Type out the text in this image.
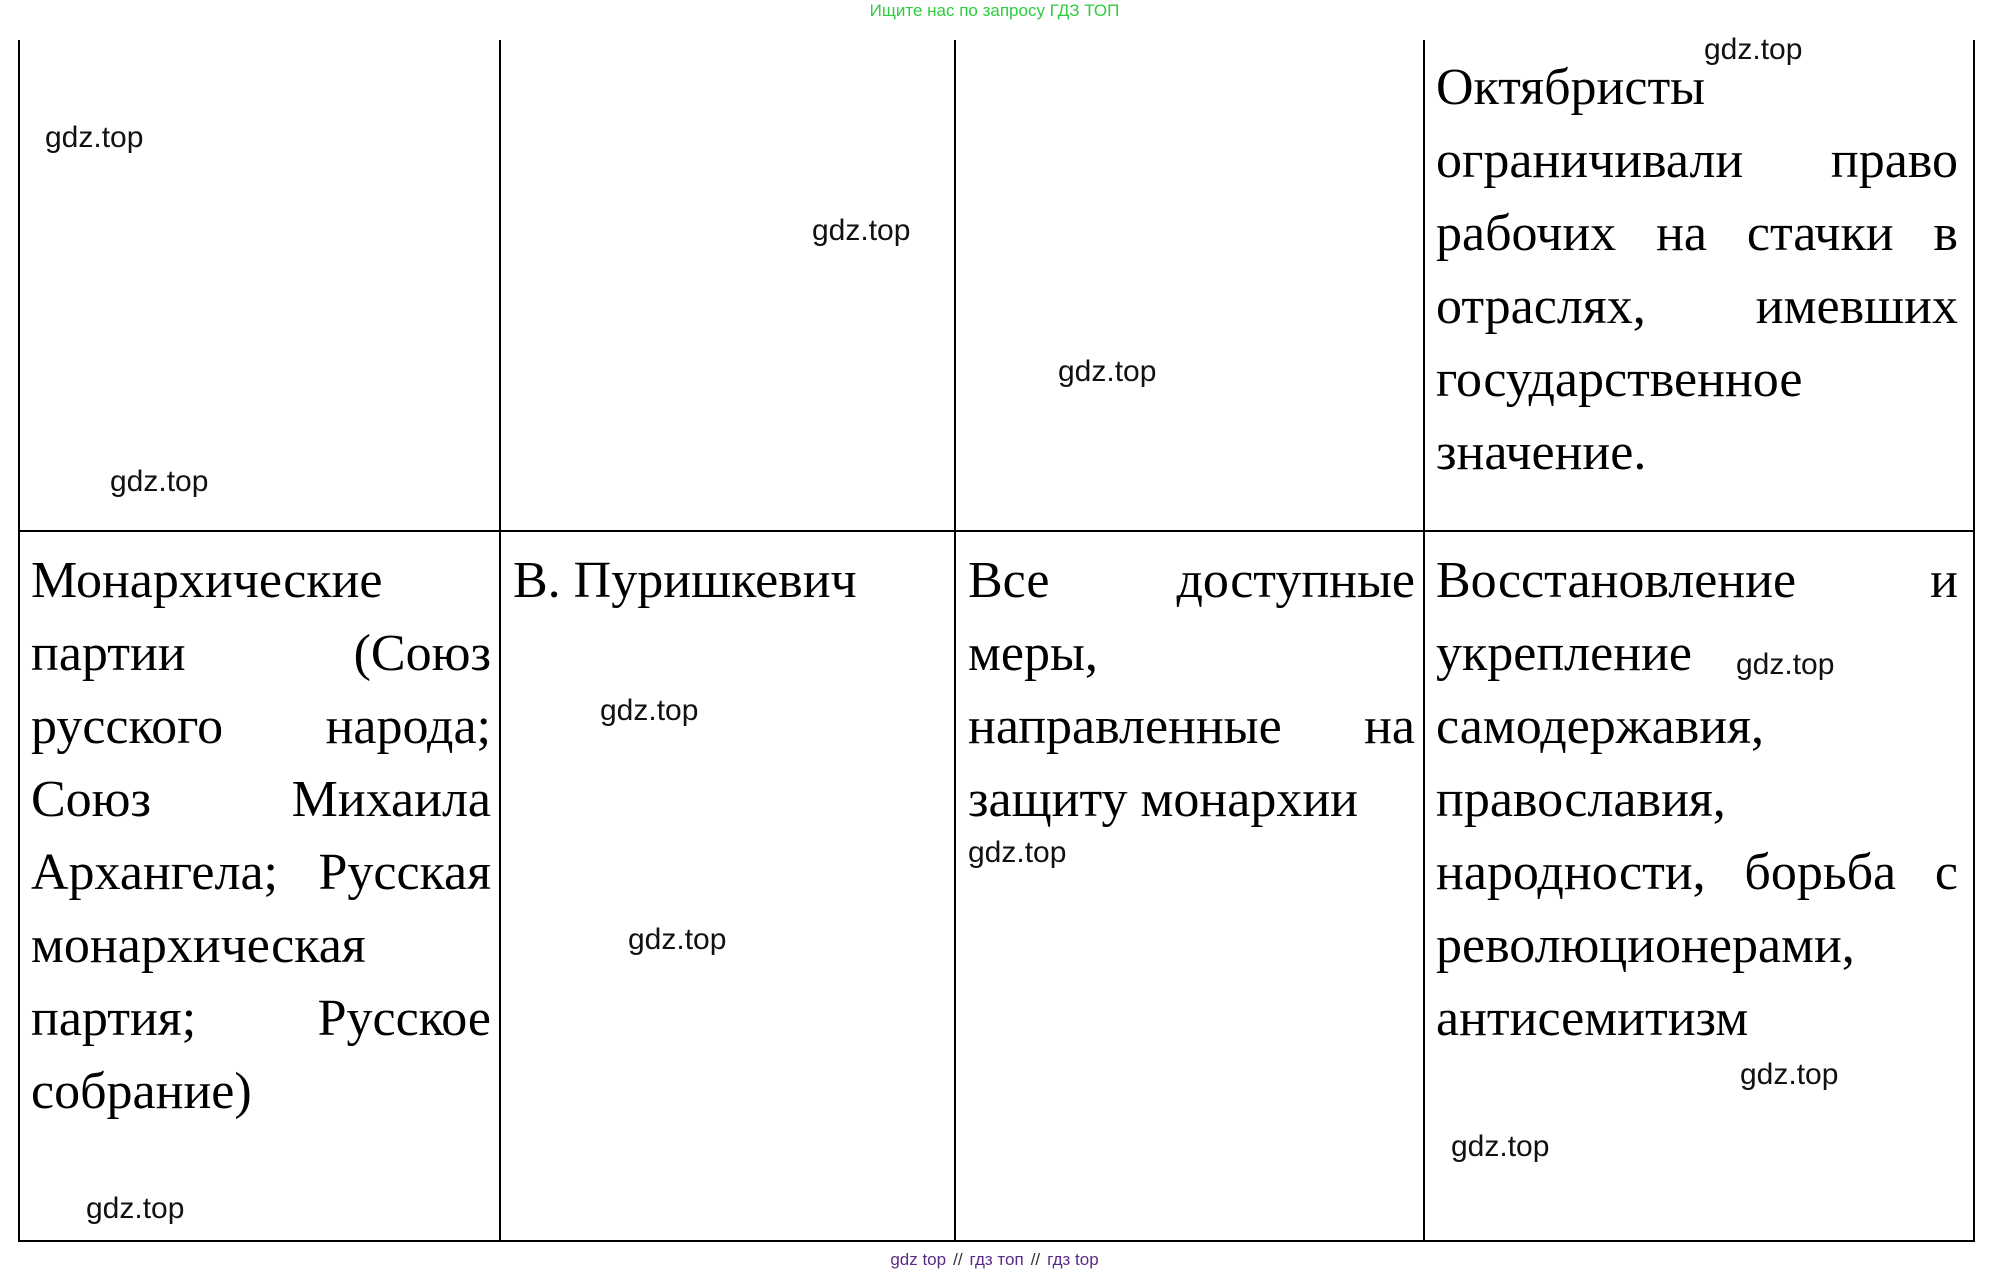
Ищите нас по запросу ГДЗ ТОП
Октябристы ограничивали право рабочих на стачки в отраслях, имевших государственное значение.
Монархические партии (Союз русского народа; Союз Михаила Архангела; Русская монархическая партия; Русское собрание)
В. Пуришкевич	Все доступные меры, направленные на защиту монархии
Восстановление и укрепление самодержавия, православия, народности, борьба с революционерами, антисемитизм
gdz.top
gdz.top
gdz.top
gdz.top
gdz.top
gdz.top
gdz.top
gdz.top
gdz.top
gdz.top
gdz.top
gdz.top
gdz top // гдз топ // гдз top
